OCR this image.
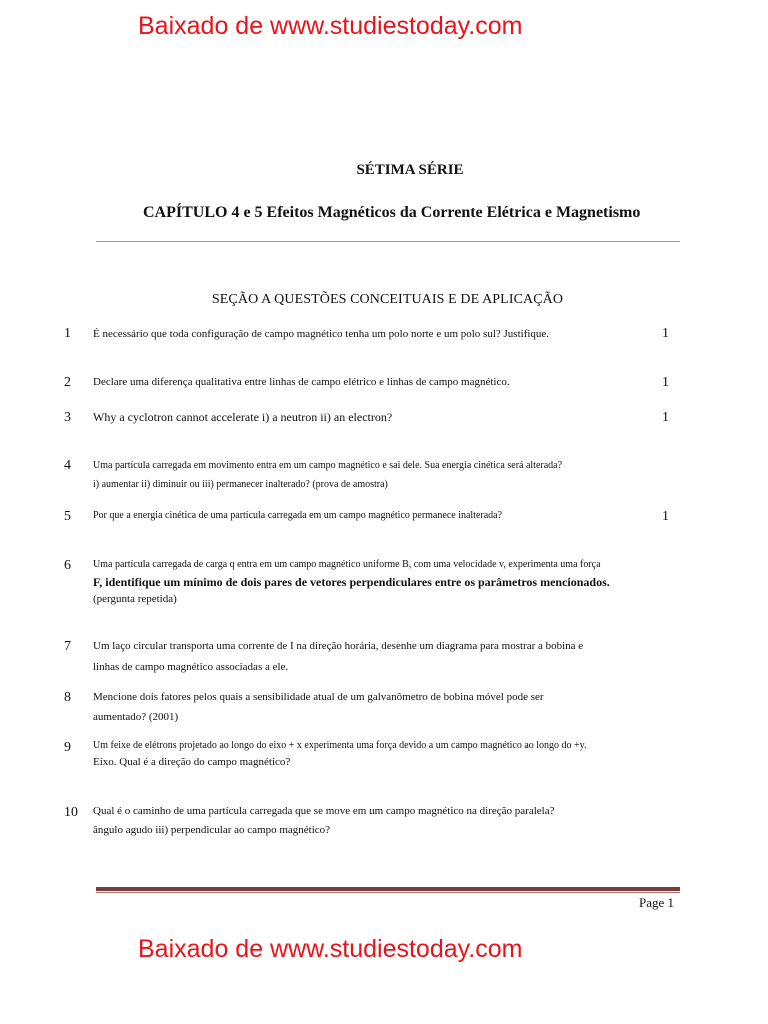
Baixado de www.studiestoday.com
SÉTIMA SÉRIE
CAPÍTULO 4 e 5 Efeitos Magnéticos da Corrente Elétrica e Magnetismo
SEÇÃO A QUESTÕES CONCEITUAIS E DE APLICAÇÃO
1 É necessário que toda configuração de campo magnético tenha um polo norte e um polo sul? Justifique.	1
2 Declare uma diferença qualitativa entre linhas de campo elétrico e linhas de campo magnético.	1
3 Why a cyclotron cannot accelerate i) a neutron ii) an electron?	1
4 Uma partícula carregada em movimento entra em um campo magnético e sai dele. Sua energia cinética será alterada?
i) aumentar ii) diminuir ou iii) permanecer inalterado? (prova de amostra)
5 Por que a energia cinética de uma partícula carregada em um campo magnético permanece inalterada?	1
6 Uma partícula carregada de carga q entra em um campo magnético uniforme B, com uma velocidade v, experimenta uma força
F, identifique um mínimo de dois pares de vetores perpendiculares entre os parâmetros mencionados.
(pergunta repetida)
7 Um laço circular transporta uma corrente de I na direção horária, desenhe um diagrama para mostrar a bobina e
linhas de campo magnético associadas a ele.
8 Mencione dois fatores pelos quais a sensibilidade atual de um galvanômetro de bobina móvel pode ser
aumentado? (2001)
9 Um feixe de elétrons projetado ao longo do eixo + x experimenta uma força devido a um campo magnético ao longo do +y.
Eixo. Qual é a direção do campo magnético?
10 Qual é o caminho de uma partícula carregada que se move em um campo magnético na direção paralela?
ângulo agudo iii) perpendicular ao campo magnético?
Page 1
Baixado de www.studiestoday.com
